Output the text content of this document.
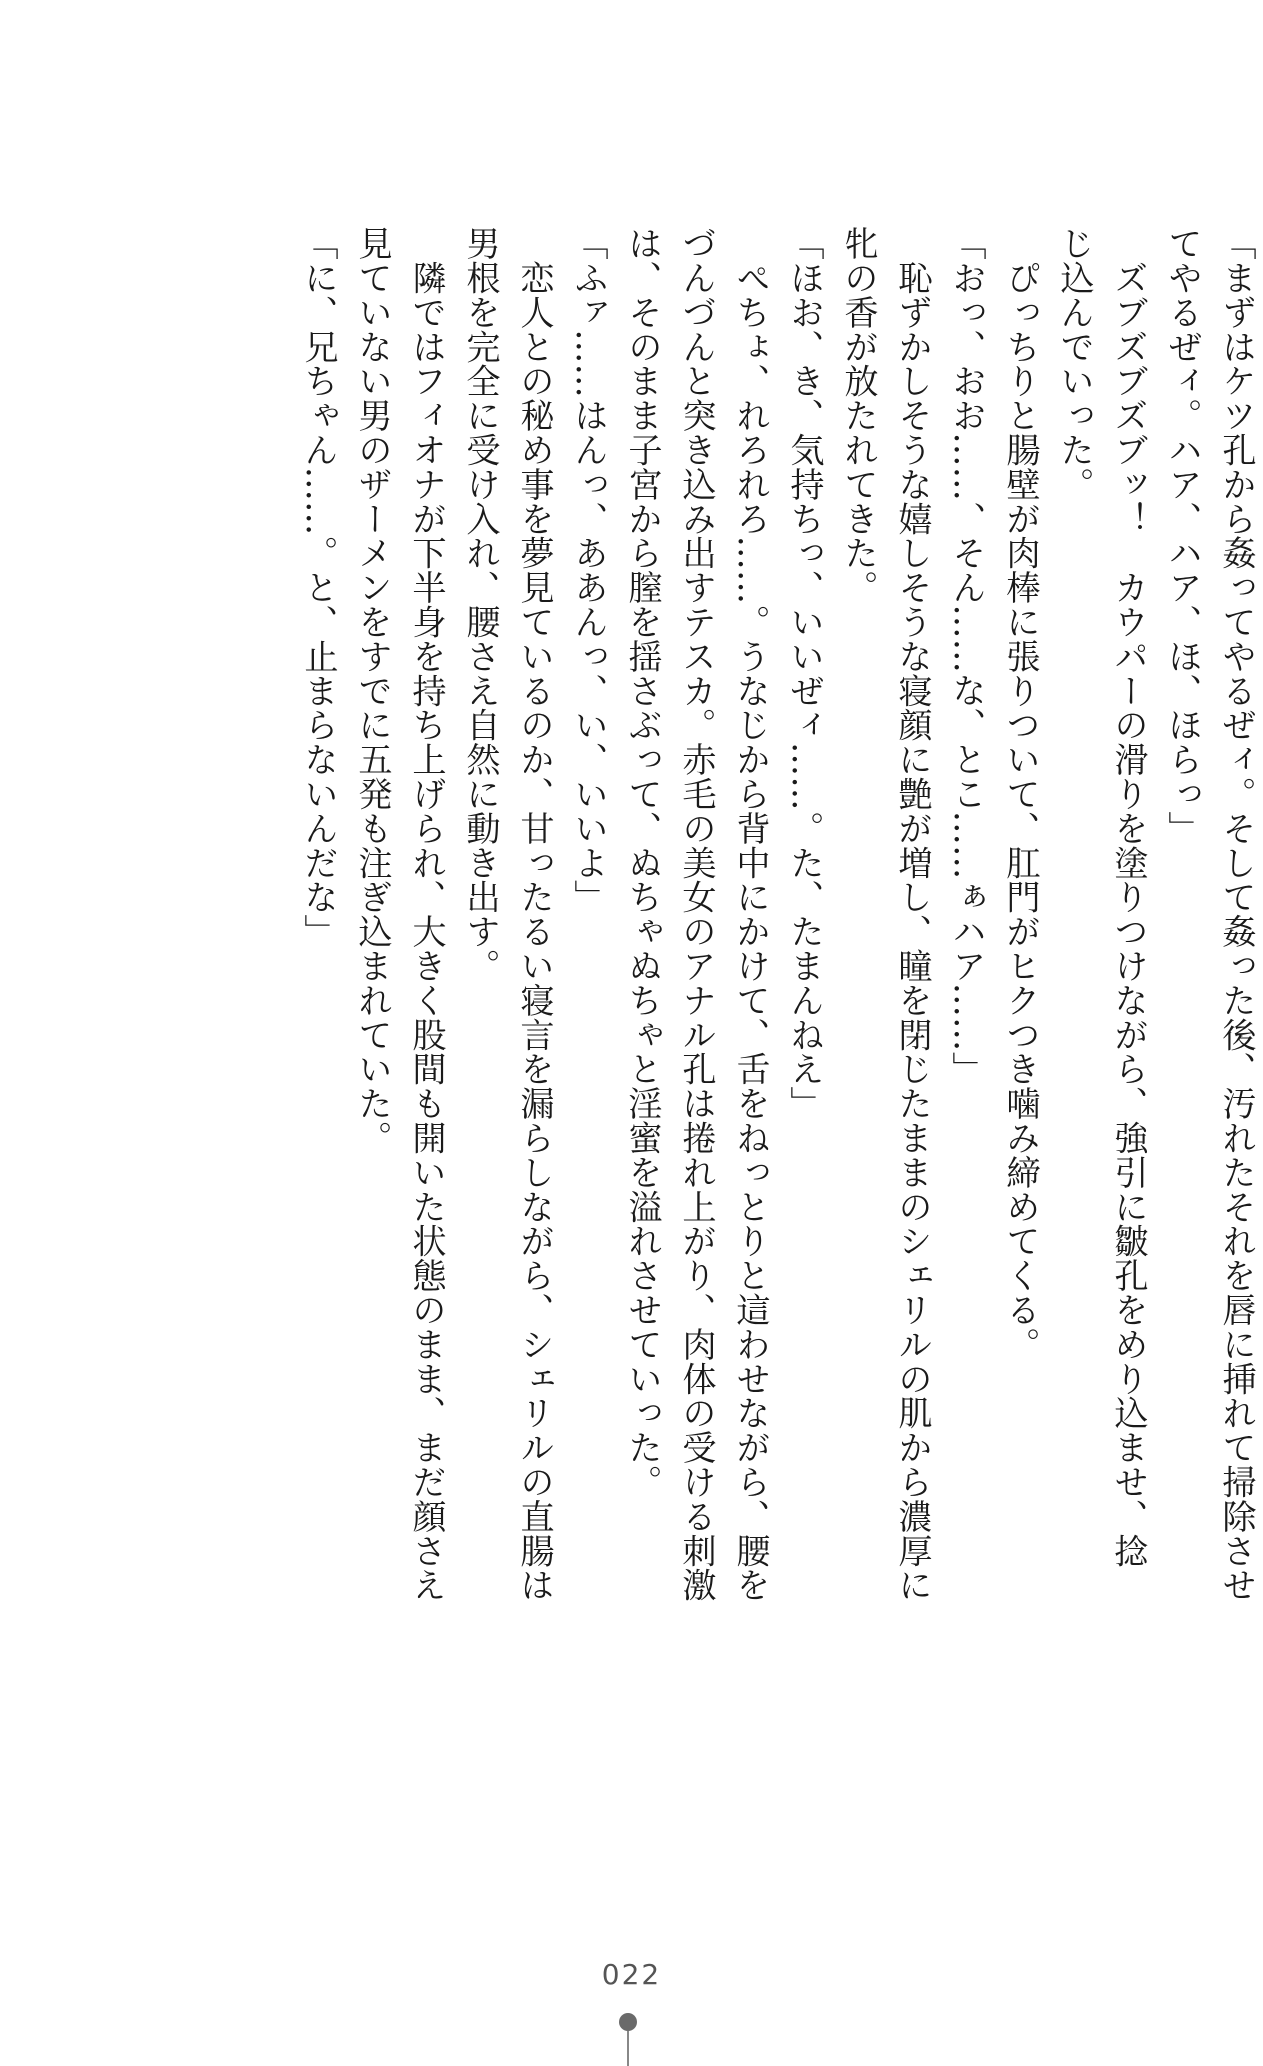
「まずはケツ孔から姦ってやるぜィ。そして姦った後、汚れたそれを唇に挿れて掃除させ

てやるぜィ。ハア、ハア、ほ、ほらっ」

　ズブズブズブッ！　カウパーの滑りを塗りつけながら、強引に皺孔をめり込ませ、捻

じ込んでいった。

　ぴっちりと腸壁が肉棒に張りついて、肛門がヒクつき噛み締めてくる。

「おっ、おお……、そん……な、とこ……ぁハア……」

　恥ずかしそうな嬉しそうな寝顔に艶が増し、瞳を閉じたままのシェリルの肌から濃厚に

牝の香が放たれてきた。

「ほお、き、気持ちっ、いいぜィ……。た、たまんねえ」

　ぺちょ、れろれろ……。うなじから背中にかけて、舌をねっとりと這わせながら、腰を

づんづんと突き込み出すテスカ。赤毛の美女のアナル孔は捲れ上がり、肉体の受ける刺激

は、そのまま子宮から膣を揺さぶって、ぬちゃぬちゃと淫蜜を溢れさせていった。

「ふァ……はんっ、ああんっ、い、いいよ」

　恋人との秘め事を夢見ているのか、甘ったるい寝言を漏らしながら、シェリルの直腸は

男根を完全に受け入れ、腰さえ自然に動き出す。

　隣ではフィオナが下半身を持ち上げられ、大きく股間も開いた状態のまま、まだ顔さえ

見ていない男のザーメンをすでに五発も注ぎ込まれていた。

「に、兄ちゃん……。と、止まらないんだな」

022
